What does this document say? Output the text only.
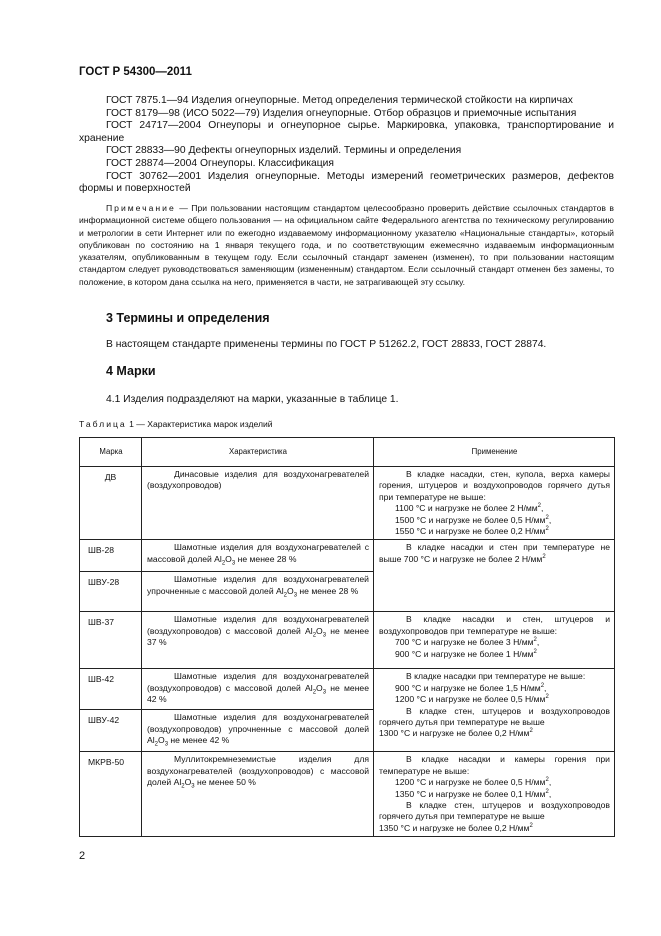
ГОСТ Р 54300—2011

ГОСТ 7875.1—94 Изделия огнеупорные. Метод определения термической стойкости на кирпичах

ГОСТ 8179—98 (ИСО 5022—79) Изделия огнеупорные. Отбор образцов и приемочные испытания

ГОСТ 24717—2004 Огнеупоры и огнеупорное сырье. Маркировка, упаковка, транспортирование и хранение

ГОСТ 28833—90 Дефекты огнеупорных изделий. Термины и определения

ГОСТ 28874—2004 Огнеупоры. Классификация

ГОСТ 30762—2001 Изделия огнеупорные. Методы измерений геометрических размеров, дефектов формы и поверхностей

Примечание — При пользовании настоящим стандартом целесообразно проверить действие ссылочных стандартов в информационной системе общего пользования — на официальном сайте Федерального агентства по техническому регулированию и метрологии в сети Интернет или по ежегодно издаваемому информационному указателю «Национальные стандарты», который опубликован по состоянию на 1 января текущего года, и по соответствующим ежемесячно издаваемым информационным указателям, опубликованным в текущем году. Если ссылочный стандарт заменен (изменен), то при пользовании настоящим стандартом следует руководствоваться заменяющим (измененным) стандартом. Если ссылочный стандарт отменен без замены, то положение, в котором дана ссылка на него, применяется в части, не затрагивающей эту ссылку.

3 Термины и определения
В настоящем стандарте применены термины по ГОСТ Р 51262.2, ГОСТ 28833, ГОСТ 28874.
4 Марки
4.1 Изделия подразделяют на марки, указанные в таблице 1.
Таблица 1 — Характеристика марок изделий
Марка	Характеристика	Применение
ДВ	Динасовые изделия для воздухонагревателей (воздухопроводов)	В кладке насадки, стен, купола, верха камеры горения, штуцеров и воздухопроводов горячего дутья при температуре не выше:
1100 °С и нагрузке не более 2 $Н/мм^2$,
1500 °С и нагрузке не более 0,5 $Н/мм^2$,
1550 °С и нагрузке не более 0,2 $Н/мм^2$

ШВ-28	Шамотные изделия для воздухонагревателей с массовой долей $Al_2O_3$ не менее 28 %	В кладке насадки и стен при температуре не выше 700 °С и нагрузке не более 2 $Н/мм^2$

ШВУ-28	Шамотные изделия для воздухонагревателей упрочненные с массовой долей $Al_2O_3$ не менее 28 %	

ШВ-37	Шамотные изделия для воздухонагревателей (воздухопроводов) с массовой долей $Al_2O_3$ не менее 37 %	В кладке насадки и стен, штуцеров и воздухопроводов при температуре не выше:
700 °С и нагрузке не более 3 $Н/мм^2$,
900 °С и нагрузке не более 1 $Н/мм^2$

ШВ-42	Шамотные изделия для воздухонагревателей (воздухопроводов) с массовой долей $Al_2O_3$ не менее 42 %	В кладке насадки при температуре не выше:
900 °С и нагрузке не более 1,5 $Н/мм^2$,
1200 °С и нагрузке не более 0,5 $Н/мм^2$
В кладке стен, штуцеров и воздухопроводов горячего дутья при температуре не выше
1300 °С и нагрузке не более 0,2 $Н/мм^2$

ШВУ-42	Шамотные изделия для воздухонагревателей (воздухопроводов) упрочненные с массовой долей $Al_2O_3$ не менее 42 %	

МКРВ-50	Муллитокремнеземистые изделия для воздухонагревателей (воздухопроводов) с массовой долей $Al_2O_3$ не менее 50 %	В кладке насадки и камеры горения при температуре не выше:
1200 °С и нагрузке не более 0,5 $Н/мм^2$,
1350 °С и нагрузке не более 0,1 $Н/мм^2$,
В кладке стен, штуцеров и воздухопроводов горячего дутья при температуре не выше
1350 °С и нагрузке не более 0,2 $Н/мм^2$
2
